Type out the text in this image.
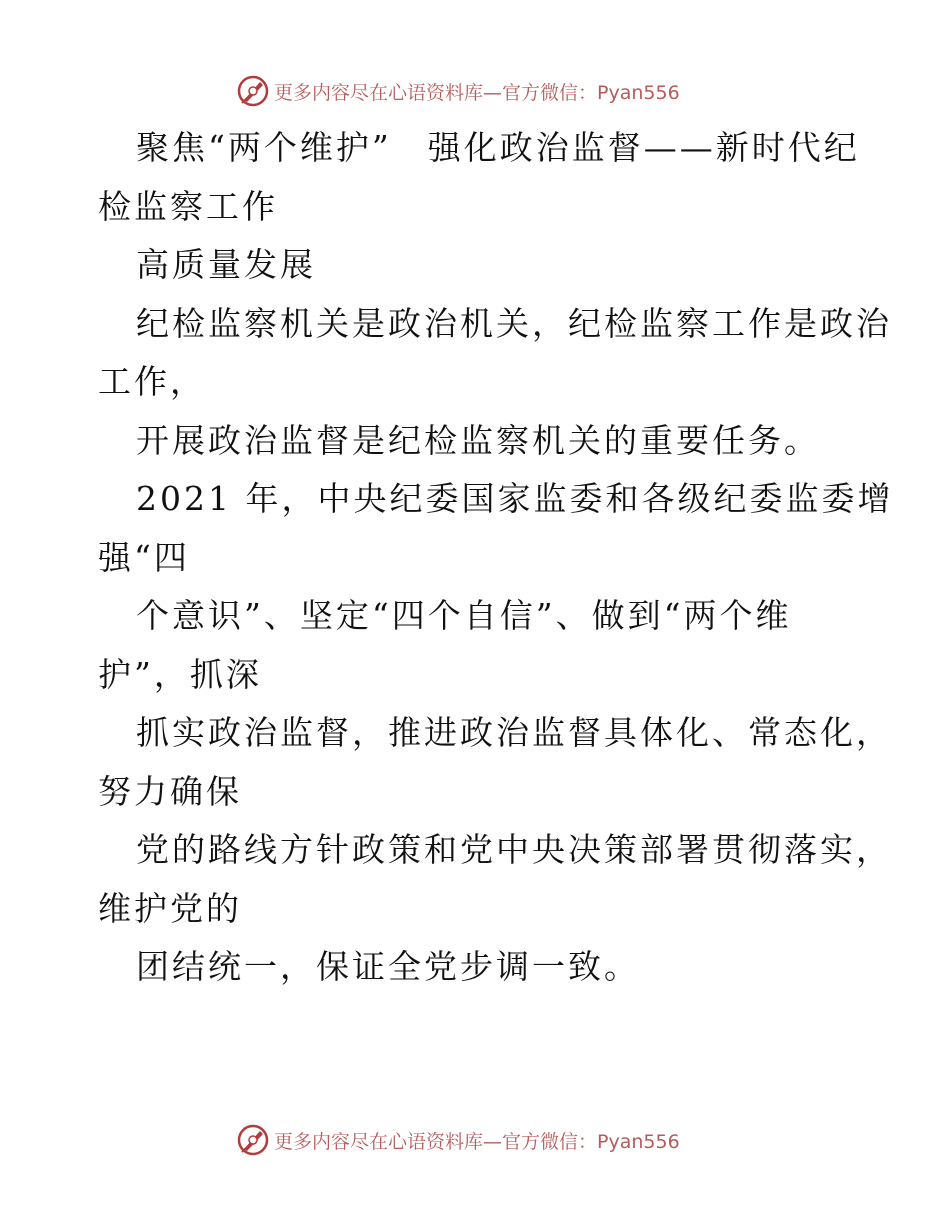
更多内容尽在心语资料库—官方微信：Pyan556
聚焦“两个维护”　强化政治监督——新时代纪
检监察工作
高质量发展
纪检监察机关是政治机关，纪检监察工作是政治
工作，
开展政治监督是纪检监察机关的重要任务。
2021 年，中央纪委国家监委和各级纪委监委增
强“四
个意识”、坚定“四个自信”、做到“两个维
护”，抓深
抓实政治监督，推进政治监督具体化、常态化，
努力确保
党的路线方针政策和党中央决策部署贯彻落实，
维护党的
团结统一，保证全党步调一致。
更多内容尽在心语资料库—官方微信：Pyan556
